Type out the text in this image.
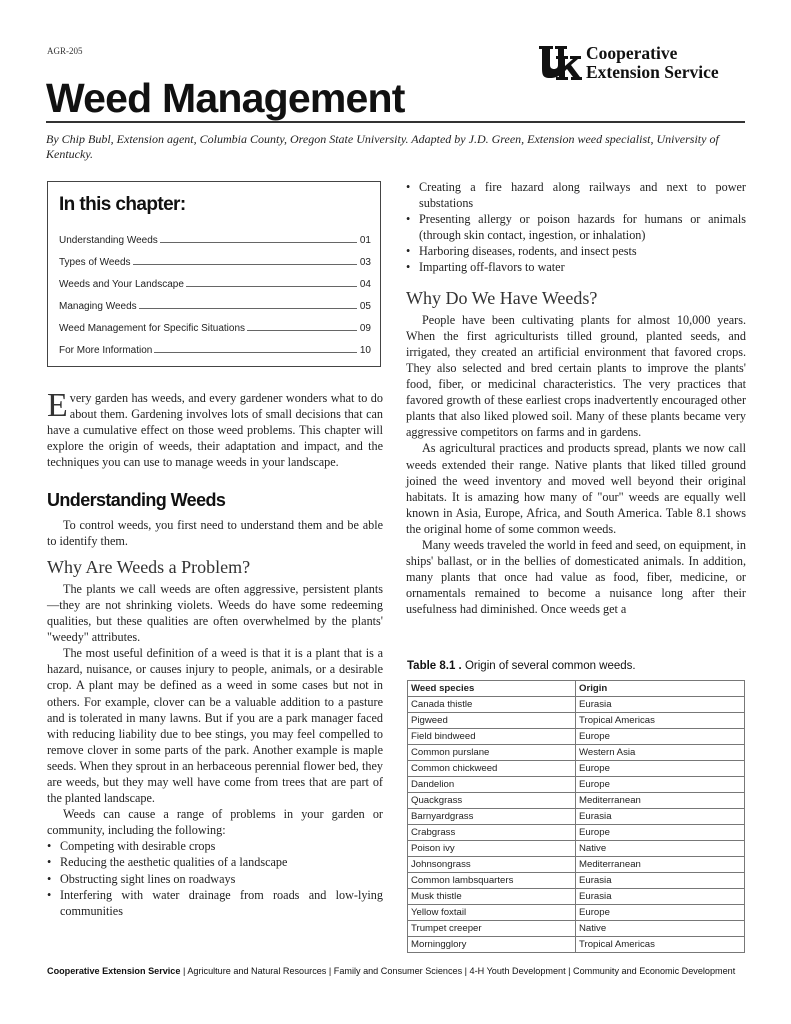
AGR-205	Cooperative
Extension Service
Weed Management
By Chip Bubl, Extension agent, Columbia County, Oregon State University. Adapted by J.D. Green, Extension weed specialist, University of Kentucky.
In this chapter:
Understanding Weeds	01
Types of Weeds	03
Weeds and Your Landscape	04
Managing Weeds	05
Weed Management for Specific Situations	09
For More Information	10
Every garden has weeds, and every gardener wonders what to do about them. Gardening involves lots of small decisions that can have a cumulative effect on those weed problems. This chapter will explore the origin of weeds, their adaptation and impact, and the techniques you can use to manage weeds in your landscape.
Understanding Weeds

To control weeds, you first need to understand them and be able to identify them.

Why Are Weeds a Problem?

The plants we call weeds are often aggressive, persistent plants—they are not shrinking violets. Weeds do have some redeeming qualities, but these qualities are often overwhelmed by the plants' "weedy" attributes.

The most useful definition of a weed is that it is a plant that is a hazard, nuisance, or causes injury to people, animals, or a desirable crop. A plant may be defined as a weed in some cases but not in others. For example, clover can be a valuable addition to a pasture and is tolerated in many lawns. But if you are a park manager faced with reducing liability due to bee stings, you may feel compelled to remove clover in some parts of the park. Another example is maple seeds. When they sprout in an herbaceous perennial flower bed, they are weeds, but they may well have come from trees that are part of the planted landscape.

Weeds can cause a range of problems in your garden or community, including the following:

• Competing with desirable crops
• Reducing the aesthetic qualities of a landscape
• Obstructing sight lines on roadways
• Interfering with water drainage from roads and low-lying communities
• Creating a fire hazard along railways and next to power substations
• Presenting allergy or poison hazards for humans or animals (through skin contact, ingestion, or inhalation)
• Harboring diseases, rodents, and insect pests
• Imparting off-flavors to water
Why Do We Have Weeds?

People have been cultivating plants for almost 10,000 years. When the first agriculturists tilled ground, planted seeds, and irrigated, they created an artificial environment that favored crops. They also selected and bred certain plants to improve the plants' food, fiber, or medicinal characteristics. The very practices that favored growth of these earliest crops inadvertently encouraged other plants that also liked plowed soil. Many of these plants became very aggressive competitors on farms and in gardens.

As agricultural practices and products spread, plants we now call weeds extended their range. Native plants that liked tilled ground joined the weed inventory and moved well beyond their original habitats. It is amazing how many of "our" weeds are equally well known in Asia, Europe, Africa, and South America. Table 8.1 shows the original home of some common weeds.

Many weeds traveled the world in feed and seed, on equipment, in ships' ballast, or in the bellies of domesticated animals. In addition, many plants that once had value as food, fiber, medicine, or ornamentals remained to become a nuisance long after their usefulness had diminished. Once weeds get a

Table 8.1 . Origin of several common weeds.
Weed species	Origin
Canada thistle	Eurasia
Pigweed	Tropical Americas
Field bindweed	Europe
Common purslane	Western Asia
Common chickweed	Europe
Dandelion	Europe
Quackgrass	Mediterranean
Barnyardgrass	Eurasia
Crabgrass	Europe
Poison ivy	Native
Johnsongrass	Mediterranean
Common lambsquarters	Eurasia
Musk thistle	Eurasia
Yellow foxtail	Europe
Trumpet creeper	Native
Morningglory	Tropical Americas
Cooperative Extension Service | Agriculture and Natural Resources | Family and Consumer Sciences | 4-H Youth Development | Community and Economic Development
